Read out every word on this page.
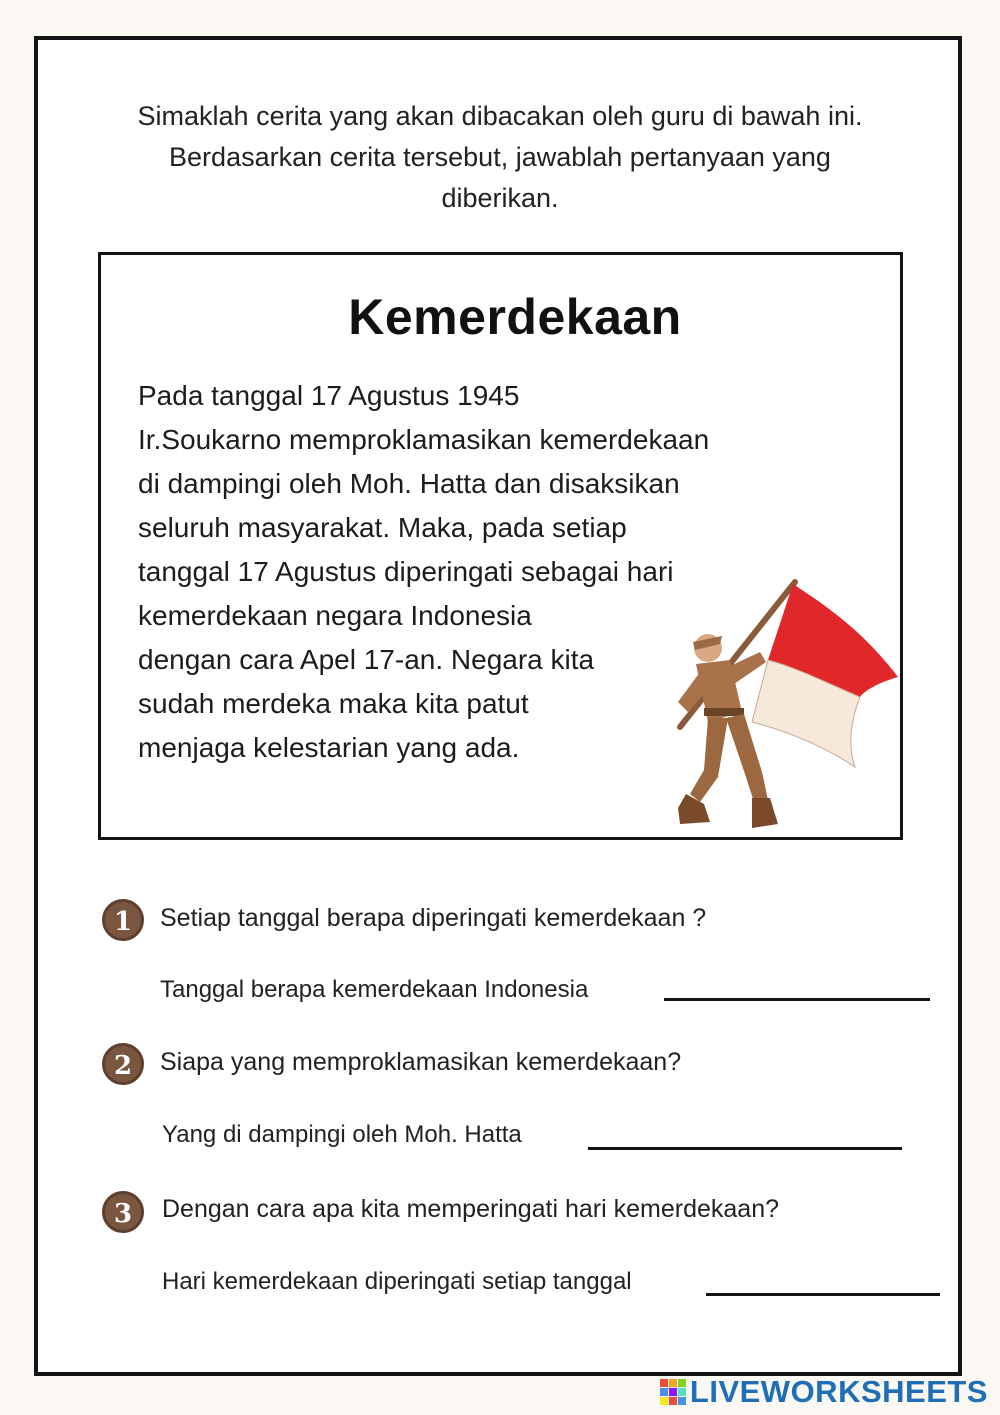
Simaklah cerita yang akan dibacakan oleh guru di bawah ini.
Berdasarkan cerita tersebut, jawablah pertanyaan yang
diberikan.
Kemerdekaan
Pada tanggal 17 Agustus 1945
Ir.Soukarno memproklamasikan kemerdekaan
di dampingi oleh Moh. Hatta dan disaksikan
seluruh masyarakat. Maka, pada setiap
tanggal 17 Agustus diperingati sebagai hari
kemerdekaan negara Indonesia
dengan cara Apel 17-an. Negara kita
sudah merdeka maka kita patut
menjaga kelestarian yang ada.
1	Setiap tanggal berapa diperingati kemerdekaan ?
Tanggal berapa kemerdekaan Indonesia
2	Siapa yang memproklamasikan kemerdekaan?
Yang di dampingi oleh Moh. Hatta
3	Dengan cara apa kita memperingati hari kemerdekaan?
Hari kemerdekaan diperingati setiap tanggal
LIVEWORKSHEETS
